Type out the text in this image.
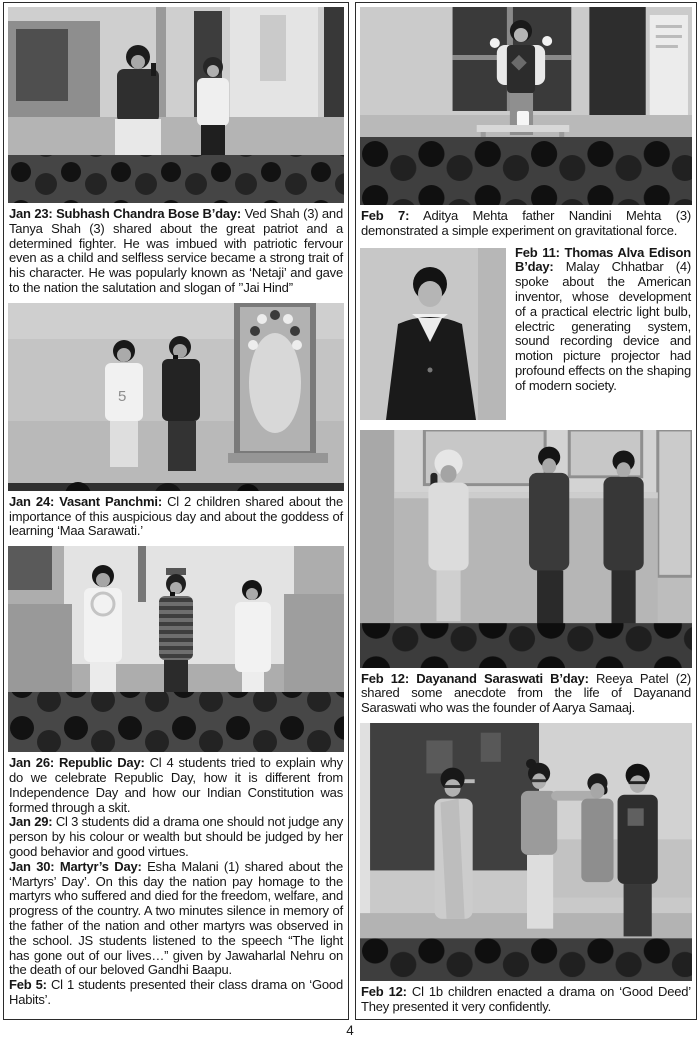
Jan 23: Subhash Chandra Bose B’day: Ved Shah (3) and Tanya Shah (3) shared about the great patriot and a determined fighter. He was imbued with patriotic fervour even as a child and selfless service became a strong trait of his character. He was popularly known as ‘Netaji’ and gave to the nation the salutation and slogan of ’’Jai Hind”
5
Jan 24: Vasant Panchmi: Cl 2 children shared about the importance of this auspicious day and about the goddess of learning ‘Maa Sarawati.’
Jan 26: Republic Day: Cl 4 students tried to explain why do we celebrate Republic Day, how it is different from Independence Day and how our Indian Constitution was formed through a skit.
Jan 29: Cl 3 students did a drama one should not judge any person by his colour or wealth but should be judged by her good behavior and good virtues.
Jan 30: Martyr’s Day: Esha Malani (1) shared about the ‘Martyrs’ Day’. On this day the nation pay homage to the martyrs who suffered and died for the freedom, welfare, and progress of the country. A two minutes silence in memory of the father of the nation and other martyrs was observed in the school. JS students listened to the speech “The light has gone out of our lives…” given by Jawaharlal Nehru on the death of our beloved Gandhi Baapu.
Feb 5: Cl 1 students presented their class drama on ‘Good Habits’.
Feb 7: Aditya Mehta father Nandini Mehta (3) demonstrated a simple experiment on gravitational force.
Feb 11: Thomas Alva Edison B’day: Malay Chhatbar (4) spoke about the American inventor, whose development of a practical electric light bulb, electric generating system, sound recording device and motion picture projector had profound effects on the shaping of modern society.
Feb 12: Dayanand Saraswati B’day: Reeya Patel (2) shared some anecdote from the life of Dayanand Saraswati who was the founder of Aarya Samaaj.
Feb 12: Cl 1b children enacted a drama on ‘Good Deed’ They presented it very confidently.
4
